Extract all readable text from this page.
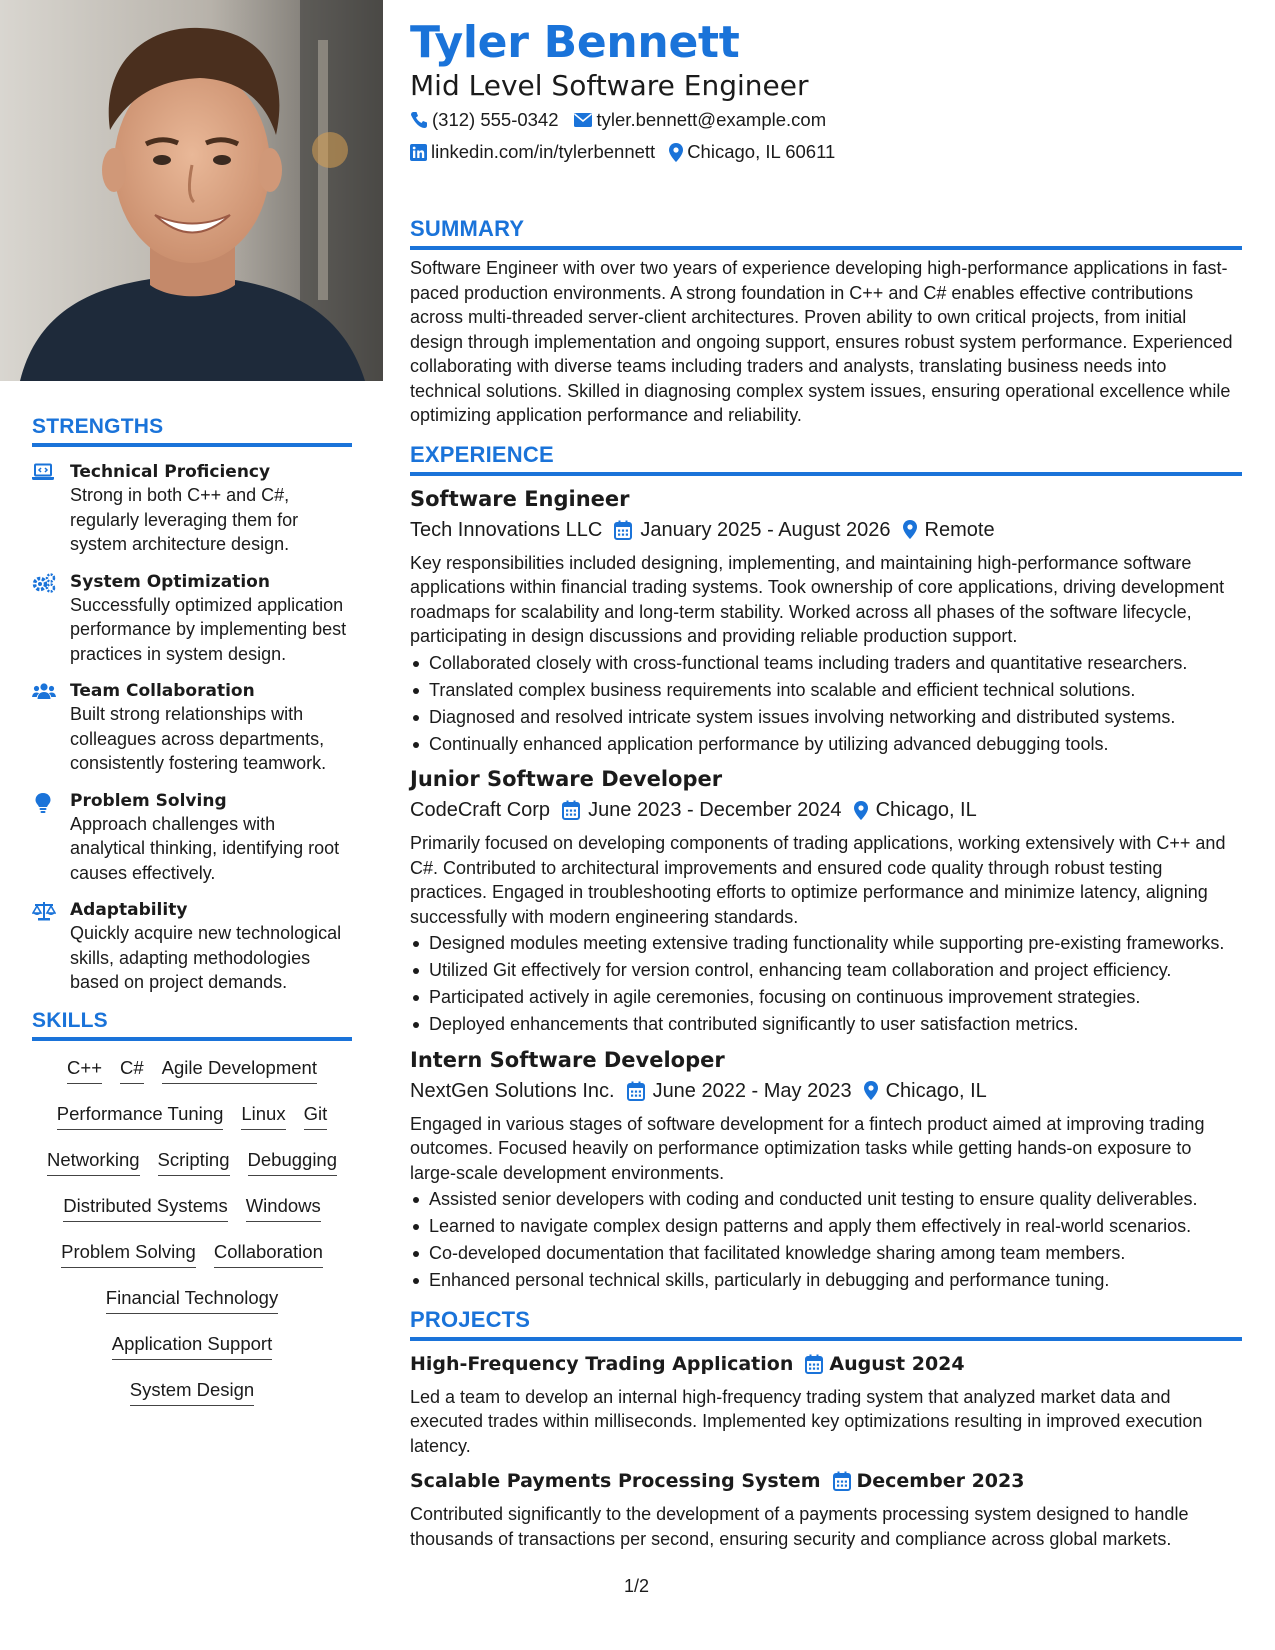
STRENGTHS
Technical Proficiency
Strong in both C++ and C#, regularly leveraging them for system architecture design.
System Optimization
Successfully optimized application performance by implementing best practices in system design.
Team Collaboration
Built strong relationships with colleagues across departments, consistently fostering teamwork.
Problem Solving
Approach challenges with analytical thinking, identifying root causes effectively.
Adaptability
Quickly acquire new technological skills, adapting methodologies based on project demands.
SKILLS
C++ C# Agile Development
Performance Tuning Linux Git
Networking Scripting Debugging
Distributed Systems Windows
Problem Solving Collaboration
Financial Technology
Application Support
System Design
Tyler Bennett
Mid Level Software Engineer
(312) 555-0342 tyler.bennett@example.com
linkedin.com/in/tylerbennett Chicago, IL 60611
SUMMARY
Software Engineer with over two years of experience developing high-performance applications in fast-paced production environments. A strong foundation in C++ and C# enables effective contributions across multi-threaded server-client architectures. Proven ability to own critical projects, from initial design through implementation and ongoing support, ensures robust system performance. Experienced collaborating with diverse teams including traders and analysts, translating business needs into technical solutions. Skilled in diagnosing complex system issues, ensuring operational excellence while optimizing application performance and reliability.
EXPERIENCE
Software Engineer
Tech Innovations LLC January 2025 - August 2026 Remote
Key responsibilities included designing, implementing, and maintaining high-performance software applications within financial trading systems. Took ownership of core applications, driving development roadmaps for scalability and long-term stability. Worked across all phases of the software lifecycle, participating in design discussions and providing reliable production support.
Collaborated closely with cross-functional teams including traders and quantitative researchers.
Translated complex business requirements into scalable and efficient technical solutions.
Diagnosed and resolved intricate system issues involving networking and distributed systems.
Continually enhanced application performance by utilizing advanced debugging tools.
Junior Software Developer
CodeCraft Corp June 2023 - December 2024 Chicago, IL
Primarily focused on developing components of trading applications, working extensively with C++ and C#. Contributed to architectural improvements and ensured code quality through robust testing practices. Engaged in troubleshooting efforts to optimize performance and minimize latency, aligning successfully with modern engineering standards.
Designed modules meeting extensive trading functionality while supporting pre-existing frameworks.
Utilized Git effectively for version control, enhancing team collaboration and project efficiency.
Participated actively in agile ceremonies, focusing on continuous improvement strategies.
Deployed enhancements that contributed significantly to user satisfaction metrics.
Intern Software Developer
NextGen Solutions Inc. June 2022 - May 2023 Chicago, IL
Engaged in various stages of software development for a fintech product aimed at improving trading outcomes. Focused heavily on performance optimization tasks while getting hands-on exposure to large-scale development environments.
Assisted senior developers with coding and conducted unit testing to ensure quality deliverables.
Learned to navigate complex design patterns and apply them effectively in real-world scenarios.
Co-developed documentation that facilitated knowledge sharing among team members.
Enhanced personal technical skills, particularly in debugging and performance tuning.
PROJECTS
High-Frequency Trading Application August 2024
Led a team to develop an internal high-frequency trading system that analyzed market data and executed trades within milliseconds. Implemented key optimizations resulting in improved execution latency.
Scalable Payments Processing System December 2023
Contributed significantly to the development of a payments processing system designed to handle thousands of transactions per second, ensuring security and compliance across global markets.
1/2
